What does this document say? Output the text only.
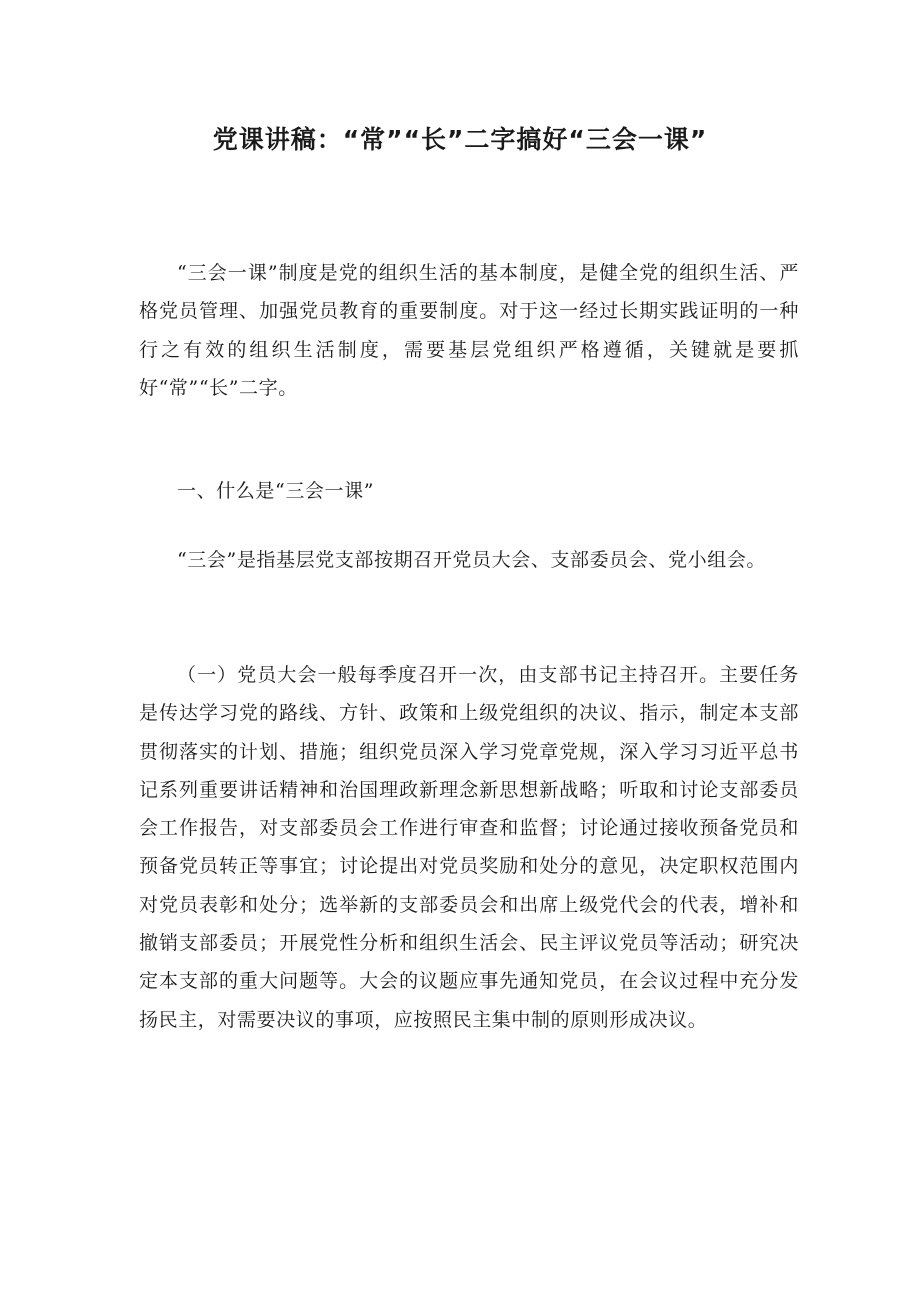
党课讲稿：“常”“长”二字搞好“三会一课”

“三会一课”制度是党的组织生活的基本制度，是健全党的组织生活、严格党员管理、加强党员教育的重要制度。对于这一经过长期实践证明的一种行之有效的组织生活制度，需要基层党组织严格遵循，关键就是要抓好“常”“长”二字。

一、什么是“三会一课”

“三会”是指基层党支部按期召开党员大会、支部委员会、党小组会。

（一）党员大会一般每季度召开一次，由支部书记主持召开。主要任务是传达学习党的路线、方针、政策和上级党组织的决议、指示，制定本支部贯彻落实的计划、措施；组织党员深入学习党章党规，深入学习习近平总书记系列重要讲话精神和治国理政新理念新思想新战略；听取和讨论支部委员会工作报告，对支部委员会工作进行审查和监督；讨论通过接收预备党员和预备党员转正等事宜；讨论提出对党员奖励和处分的意见，决定职权范围内对党员表彰和处分；选举新的支部委员会和出席上级党代会的代表，增补和撤销支部委员；开展党性分析和组织生活会、民主评议党员等活动；研究决定本支部的重大问题等。大会的议题应事先通知党员，在会议过程中充分发扬民主，对需要决议的事项，应按照民主集中制的原则形成决议。
